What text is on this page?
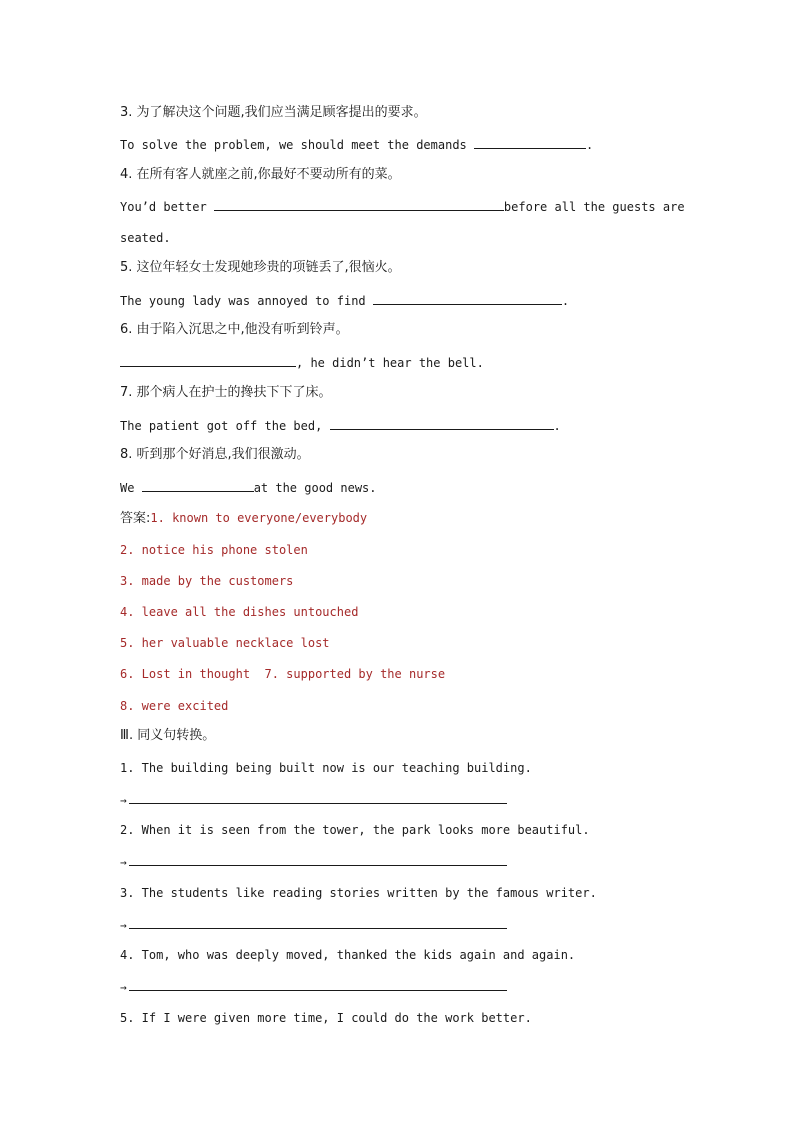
3. 为了解决这个问题,我们应当满足顾客提出的要求。
To solve the problem, we should meet the demands	.
4. 在所有客人就座之前,你最好不要动所有的菜。
You’d better	before all the guests are
seated.
5. 这位年轻女士发现她珍贵的项链丢了,很恼火。
The young lady was annoyed to find	.
6. 由于陷入沉思之中,他没有听到铃声。
, he didn’t hear the bell.
7. 那个病人在护士的搀扶下下了床。
The patient got off the bed,	.
8. 听到那个好消息,我们很激动。
We	at the good news.
答案:1. known to everyone/everybody
2. notice his phone stolen
3. made by the customers
4. leave all the dishes untouched
5. her valuable necklace lost
6. Lost in thought  7. supported by the nurse
8. were excited
Ⅲ. 同义句转换。
1. The building being built now is our teaching building.
→
2. When it is seen from the tower, the park looks more beautiful.
→
3. The students like reading stories written by the famous writer.
→
4. Tom, who was deeply moved, thanked the kids again and again.
→
5. If I were given more time, I could do the work better.
